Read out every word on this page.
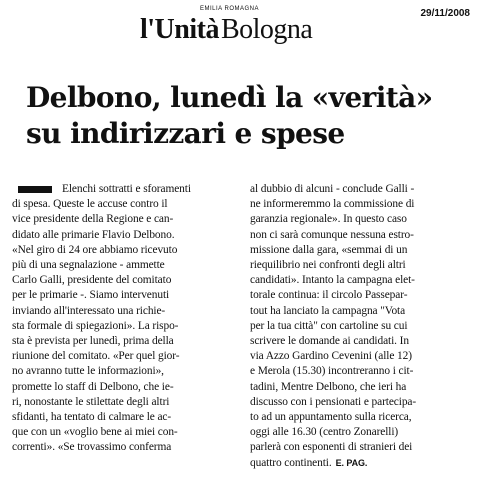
l'Unità Bologna
EMILIA ROMAGNA	29/11/2008
Delbono, lunedì la «verità»
su indirizzari e spese
Elenchi sottratti e sforamenti
di spesa. Queste le accuse contro il
vice presidente della Regione e can-
didato alle primarie Flavio Delbono.
«Nel giro di 24 ore abbiamo ricevuto
più di una segnalazione - ammette
Carlo Galli, presidente del comitato
per le primarie -. Siamo intervenuti
inviando all'interessato una richie-
sta formale di spiegazioni». La rispo-
sta è prevista per lunedì, prima della
riunione del comitato. «Per quel gior-
no avranno tutte le informazioni»,
promette lo staff di Delbono, che ie-
ri, nonostante le stilettate degli altri
sfidanti, ha tentato di calmare le ac-
que con un «voglio bene ai miei con-
correnti». «Se trovassimo conferma
al dubbio di alcuni - conclude Galli -
ne informeremmo la commissione di
garanzia regionale». In questo caso
non ci sarà comunque nessuna estro-
missione dalla gara, «semmai di un
riequilibrio nei confronti degli altri
candidati». Intanto la campagna elet-
torale continua: il circolo Passepar-
tout ha lanciato la campagna "Vota
per la tua città" con cartoline su cui
scrivere le domande ai candidati. In
via Azzo Gardino Cevenini (alle 12)
e Merola (15.30) incontreranno i cit-
tadini, Mentre Delbono, che ieri ha
discusso con i pensionati e partecipa-
to ad un appuntamento sulla ricerca,
oggi alle 16.30 (centro Zonarelli)
parlerà con esponenti di stranieri dei
quattro continenti. E. PAG.
